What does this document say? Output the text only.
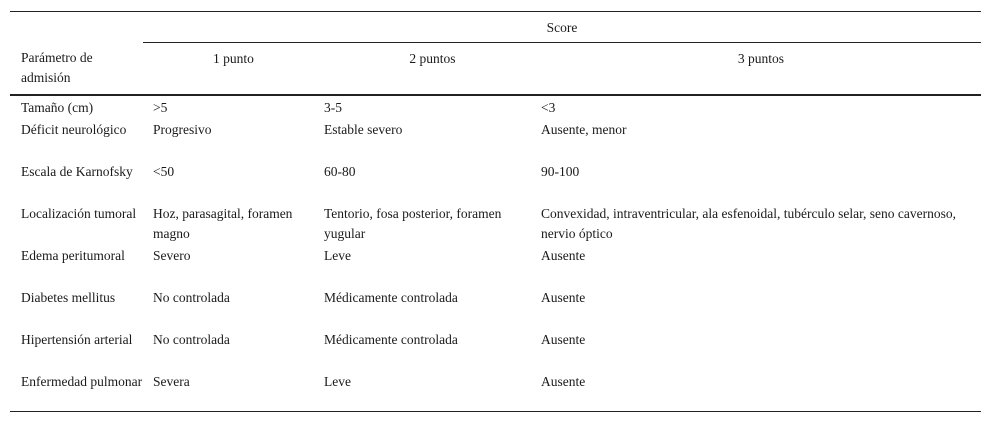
Parámetro de admisión	Score		
	1 punto	2 puntos	3 puntos
Tamaño (cm)	>5	3-5	<3
Déficit neurológico	Progresivo	Estable severo	Ausente, menor
Escala de Karnofsky	<50	60-80	90-100
Localización tumoral	Hoz, parasagital, foramen magno	Tentorio, fosa posterior, foramen yugular	Convexidad, intraventricular, ala esfenoidal, tubérculo selar, seno cavernoso, nervio óptico
Edema peritumoral	Severo	Leve	Ausente
Diabetes mellitus	No controlada	Médicamente controlada	Ausente
Hipertensión arterial	No controlada	Médicamente controlada	Ausente
Enfermedad pulmonar	Severa	Leve	Ausente
